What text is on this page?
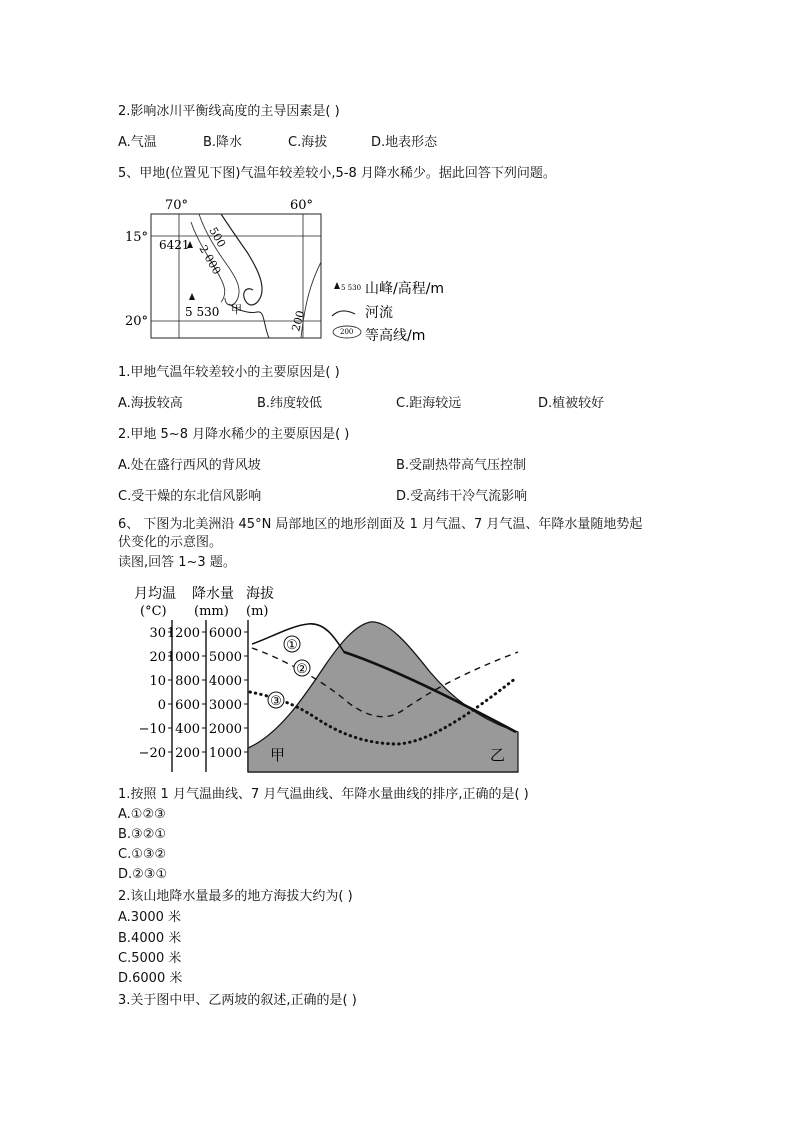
2.影响冰川平衡线高度的主导因素是( )
A.气温	B.降水	C.海拔	D.地表形态
5、甲地(位置见下图)气温年较差较小,5-8 月降水稀少。据此回答下列问题。
70°	60°
15°
20°
500
2 000
200
6421
5 530 甲
5 530 山峰/高程/m
河流
200 等高线/m
1.甲地气温年较差较小的主要原因是( )
A.海拔较高	B.纬度较低	C.距海较远	D.植被较好
2.甲地 5~8 月降水稀少的主要原因是( )
A.处在盛行西风的背风坡	B.受副热带高气压控制
C.受干燥的东北信风影响	D.受高纬干冷气流影响
6、 下图为北美洲沿 45°N 局部地区的地形剖面及 1 月气温、7 月气温、年降水量随地势起
伏变化的示意图。
读图,回答 1~3 题。
月均温
(°C)
降水量
(mm)
海拔
(m)
30
20
10
0
−10
−20
1200
1000
800
600
400
200
6000
5000
4000
3000
2000
1000
①
②
③
甲	乙
1.按照 1 月气温曲线、7 月气温曲线、年降水量曲线的排序,正确的是( )
A.①②③
B.③②①
C.①③②
D.②③①
2.该山地降水量最多的地方海拔大约为( )
A.3000 米
B.4000 米
C.5000 米
D.6000 米
3.关于图中甲、乙两坡的叙述,正确的是( )
